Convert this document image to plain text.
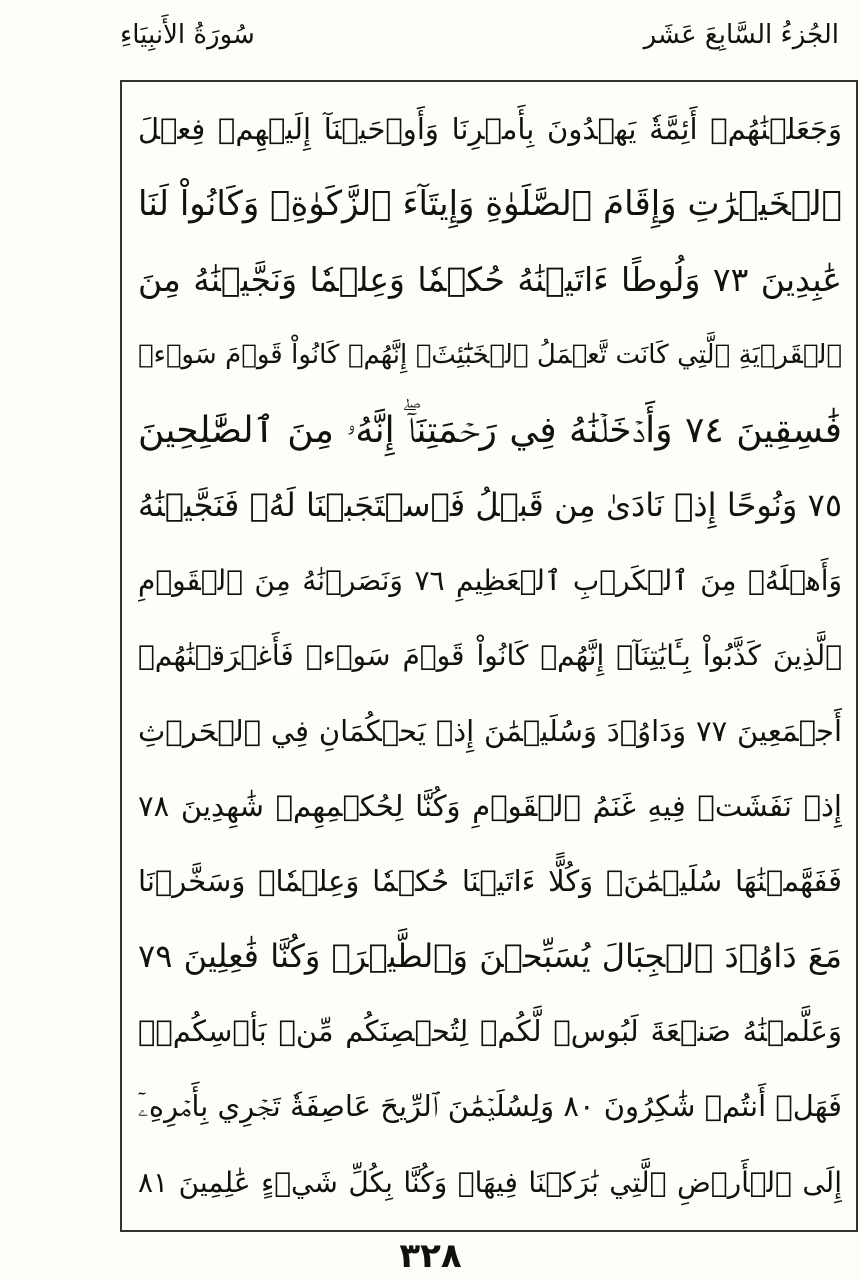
الجُزءُ السَّابِعَ عَشَر
سُورَةُ الأَنبِيَاءِ
وَجَعَلۡنَٰهُمۡ أَئِمَّةٗ يَهۡدُونَ بِأَمۡرِنَا وَأَوۡحَيۡنَآ إِلَيۡهِمۡ فِعۡلَ
ٱلۡخَيۡرَٰتِ وَإِقَامَ ٱلصَّلَوٰةِ وَإِيتَآءَ ٱلزَّكَوٰةِۖ وَكَانُواْ لَنَا
عَٰبِدِينَ ٧٣ وَلُوطًا ءَاتَيۡنَٰهُ حُكۡمٗا وَعِلۡمٗا وَنَجَّيۡنَٰهُ مِنَ
ٱلۡقَرۡيَةِ ٱلَّتِي كَانَت تَّعۡمَلُ ٱلۡخَبَٰٓئِثَۚ إِنَّهُمۡ كَانُواْ قَوۡمَ سَوۡءٖ
فَٰسِقِينَ ٧٤ وَأَدۡخَلۡنَٰهُ فِي رَحۡمَتِنَآۖ إِنَّهُۥ مِنَ ٱلصَّٰلِحِينَ
٧٥ وَنُوحًا إِذۡ نَادَىٰ مِن قَبۡلُ فَٱسۡتَجَبۡنَا لَهُۥ فَنَجَّيۡنَٰهُ
وَأَهۡلَهُۥ مِنَ ٱلۡكَرۡبِ ٱلۡعَظِيمِ ٧٦ وَنَصَرۡنَٰهُ مِنَ ٱلۡقَوۡمِ
ٱلَّذِينَ كَذَّبُواْ بِـَٔايَٰتِنَآۚ إِنَّهُمۡ كَانُواْ قَوۡمَ سَوۡءٖ فَأَغۡرَقۡنَٰهُمۡ
أَجۡمَعِينَ ٧٧ وَدَاوُۥدَ وَسُلَيۡمَٰنَ إِذۡ يَحۡكُمَانِ فِي ٱلۡحَرۡثِ
إِذۡ نَفَشَتۡ فِيهِ غَنَمُ ٱلۡقَوۡمِ وَكُنَّا لِحُكۡمِهِمۡ شَٰهِدِينَ ٧٨
فَفَهَّمۡنَٰهَا سُلَيۡمَٰنَۚ وَكُلًّا ءَاتَيۡنَا حُكۡمٗا وَعِلۡمٗاۚ وَسَخَّرۡنَا
مَعَ دَاوُۥدَ ٱلۡجِبَالَ يُسَبِّحۡنَ وَٱلطَّيۡرَۚ وَكُنَّا فَٰعِلِينَ ٧٩
وَعَلَّمۡنَٰهُ صَنۡعَةَ لَبُوسٖ لَّكُمۡ لِتُحۡصِنَكُم مِّنۢ بَأۡسِكُمۡۖ
فَهَلۡ أَنتُمۡ شَٰكِرُونَ ٨٠ وَلِسُلَيۡمَٰنَ ٱلرِّيحَ عَاصِفَةٗ تَجۡرِي بِأَمۡرِهِۦٓ
إِلَى ٱلۡأَرۡضِ ٱلَّتِي بَٰرَكۡنَا فِيهَاۚ وَكُنَّا بِكُلِّ شَيۡءٍ عَٰلِمِينَ ٨١
٣٢٨
